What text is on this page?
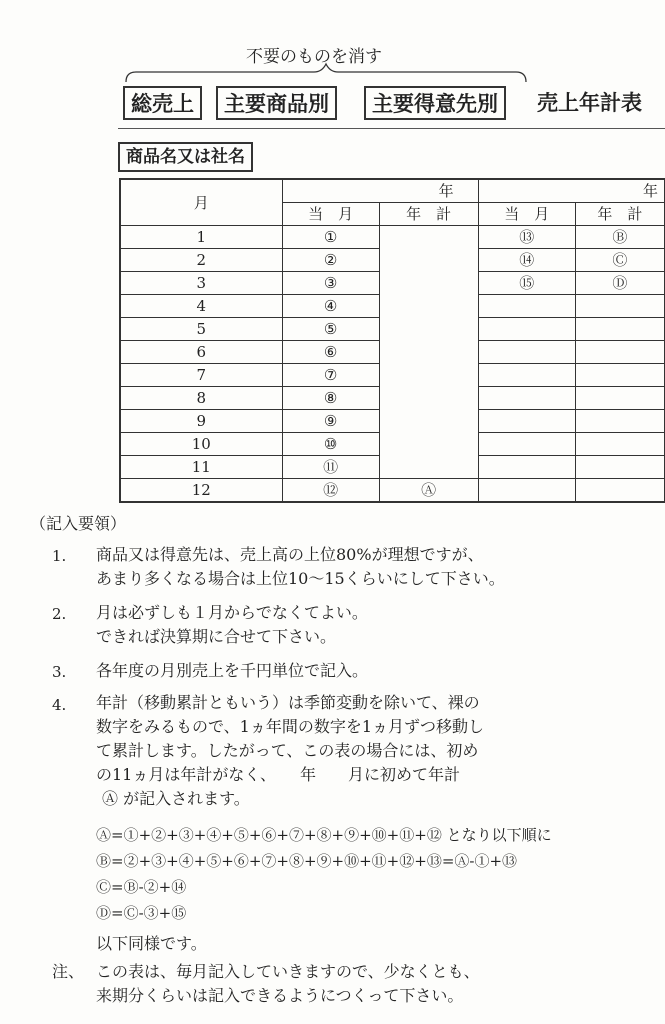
不要のものを消す
総売上	主要商品別	主要得意先別	売上年計表
商品名又は社名
月	年		年	
	当　月	年　計	当　月	年　計
1	①		⑬	Ⓑ
2	②		⑭	Ⓒ
3	③		⑮	Ⓓ
4	④			
5	⑤			
6	⑥			
7	⑦			
8	⑧			
9	⑨			
10	⑩			
11	⑪			
12	⑫	Ⓐ		
（記入要領）
1. 商品又は得意先は、売上高の上位80%が理想ですが、
あまり多くなる場合は上位10〜15くらいにして下さい。
2. 月は必ずしも１月からでなくてよい。
できれば決算期に合せて下さい。
3. 各年度の月別売上を千円単位で記入。
4. 年計（移動累計ともいう）は季節変動を除いて、裸の
数字をみるもので、1ヵ年間の数字を1ヵ月ずつ移動し
て累計します。したがって、この表の場合には、初め
の11ヵ月は年計がなく、　　年　　月に初めて年計
Ⓐ が記入されます。
Ⓐ=①+②+③+④+⑤+⑥+⑦+⑧+⑨+⑩+⑪+⑫ となり以下順に
Ⓑ=②+③+④+⑤+⑥+⑦+⑧+⑨+⑩+⑪+⑫+⑬=Ⓐ-①+⑬
Ⓒ=Ⓑ-②+⑭
Ⓓ=Ⓒ-③+⑮
以下同様です。
注、 この表は、毎月記入していきますので、少なくとも、
来期分くらいは記入できるようにつくって下さい。
